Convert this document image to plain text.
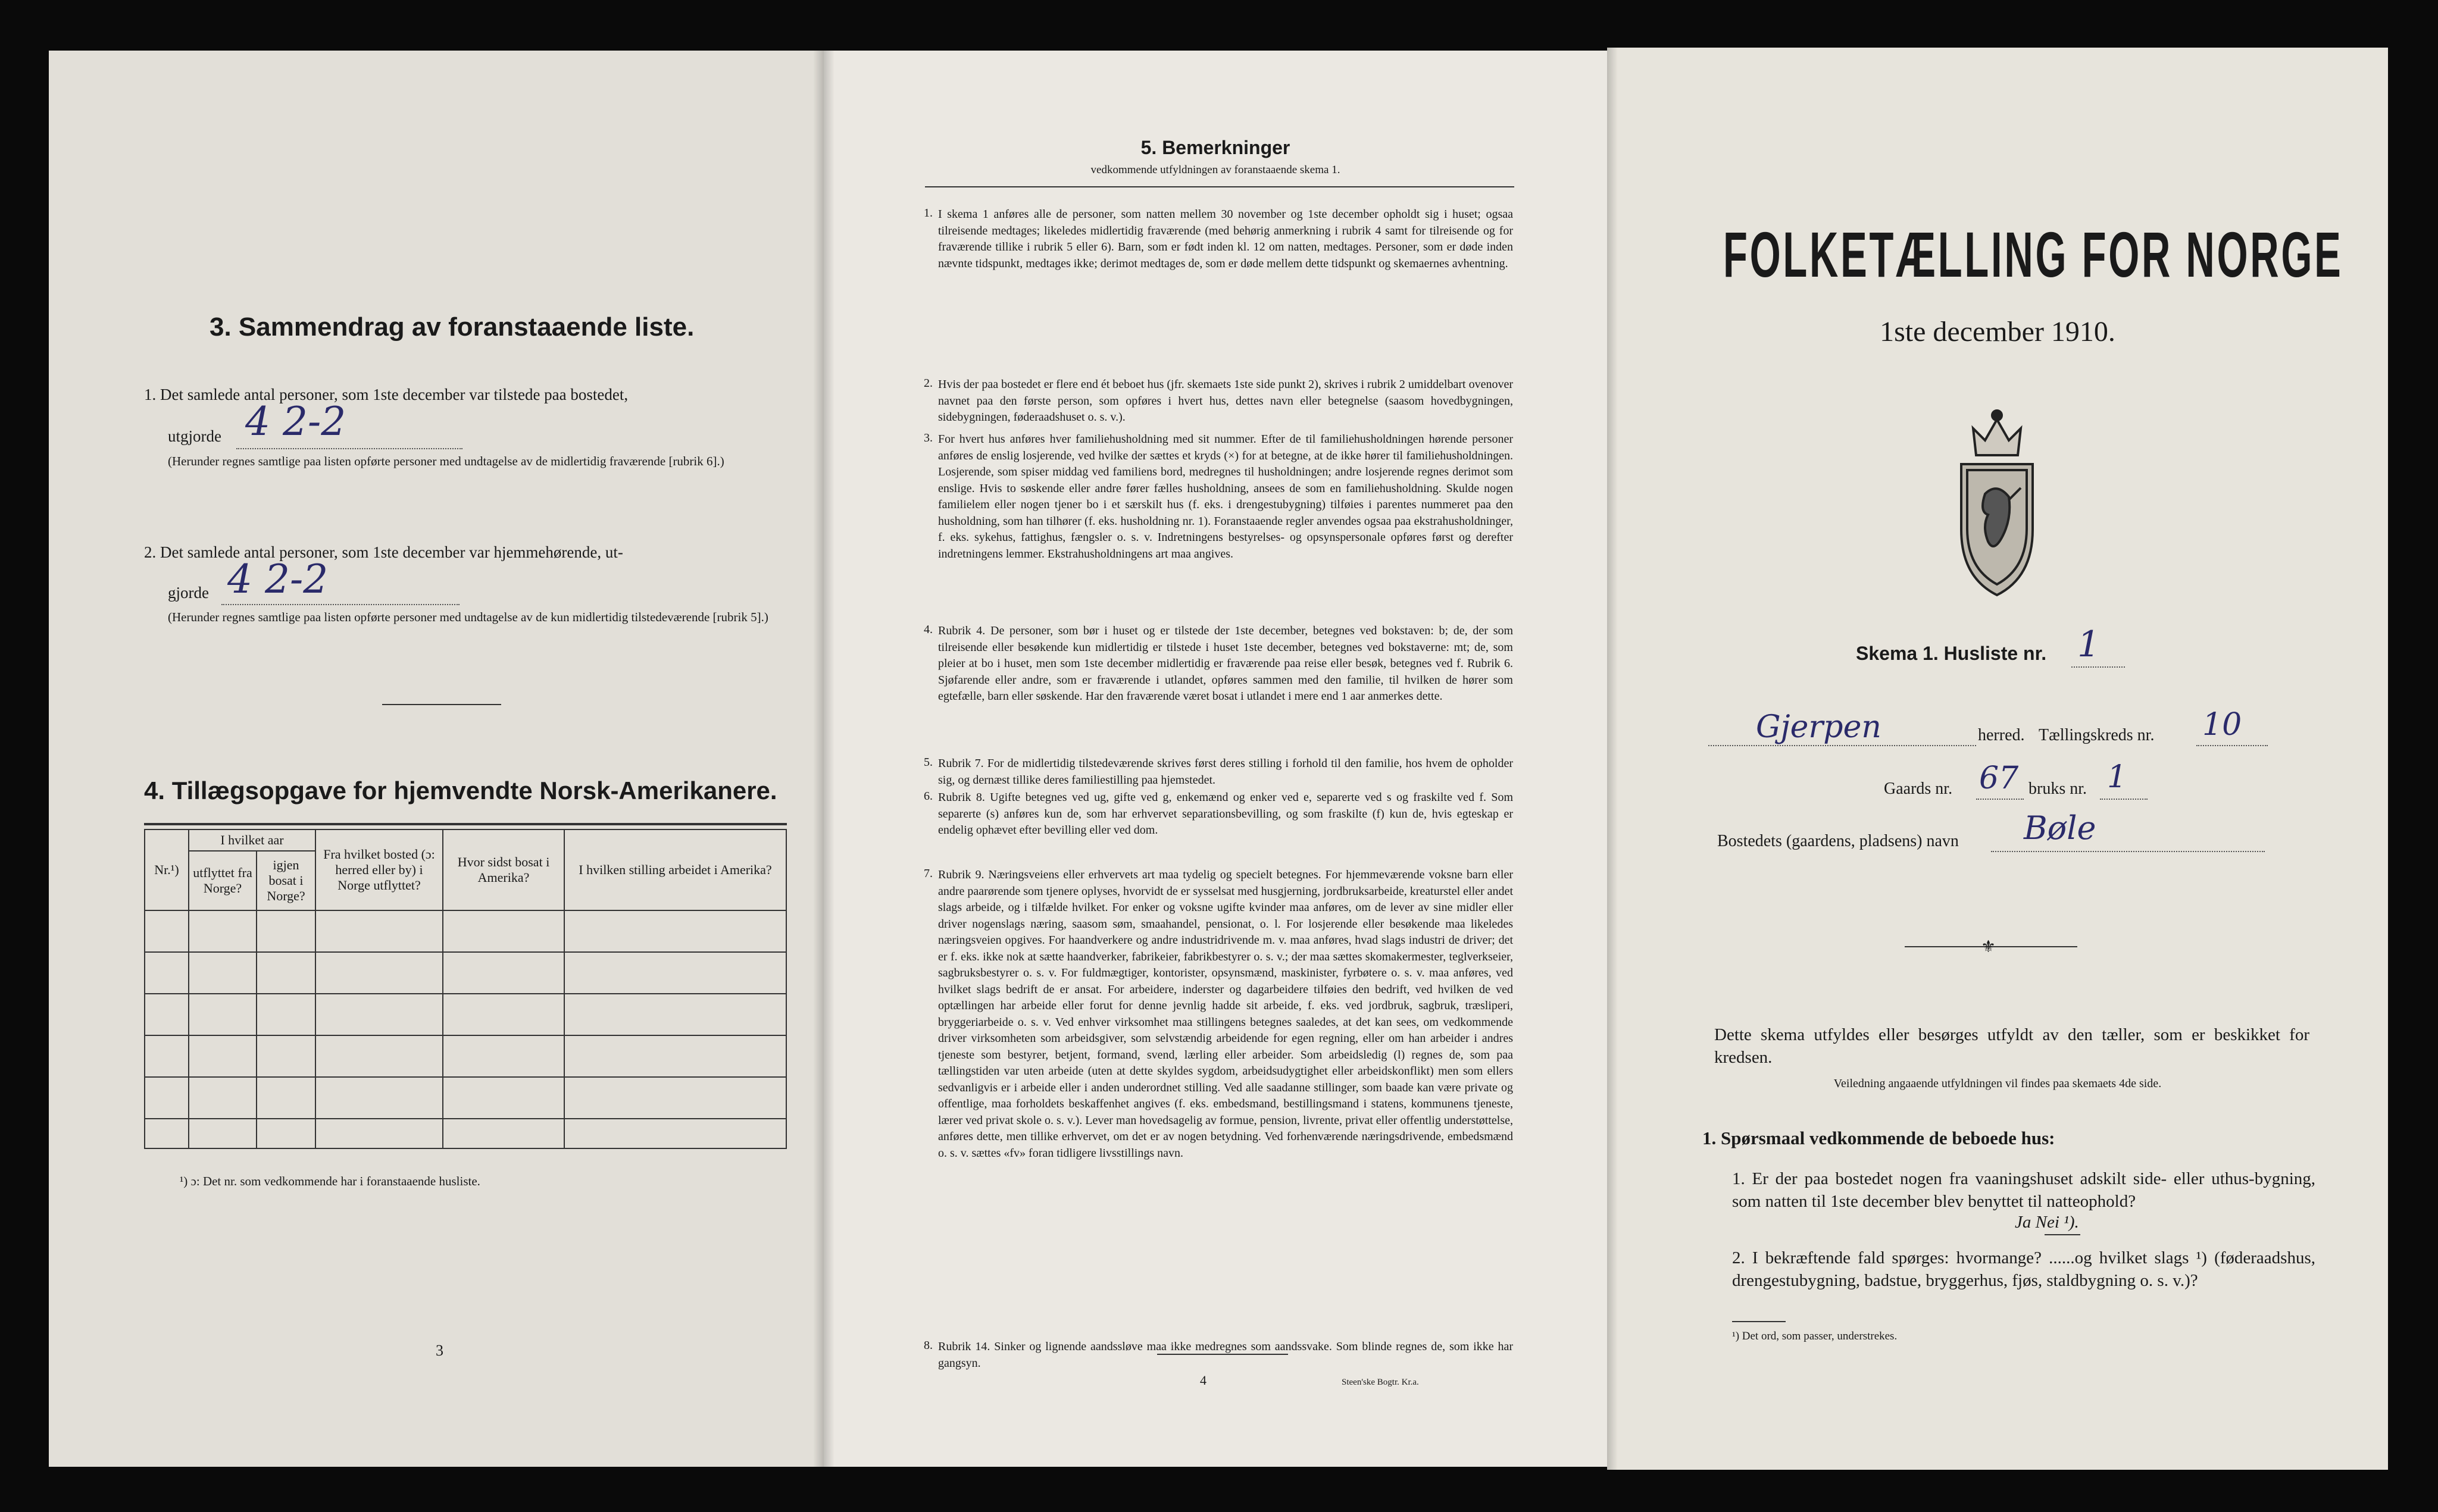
3. Sammendrag av foranstaaende liste.
1. Det samlede antal personer, som 1ste december var tilstede paa bostedet,
utgjorde 4 2-2
(Herunder regnes samtlige paa listen opførte personer med undtagelse av de midlertidig fraværende [rubrik 6].)
2. Det samlede antal personer, som 1ste december var hjemmehørende, ut-
gjorde 4 2-2
(Herunder regnes samtlige paa listen opførte personer med undtagelse av de kun midlertidig tilstedeværende [rubrik 5].)
4. Tillægsopgave for hjemvendte Norsk-Amerikanere.
Nr.¹)	I hvilket aar		Fra hvilket bosted (ɔ: herred eller by) i Norge utflyttet?	Hvor sidst bosat i Amerika?	I hvilken stilling arbeidet i Amerika?
	utflyttet fra Norge?	igjen bosat i Norge?			

¹) ɔ: Det nr. som vedkommende har i foranstaaende husliste.
3
5. Bemerkninger
vedkommende utfyldningen av foranstaaende skema 1.
4	Steen'ske Bogtr. Kr.a.
1. I skema 1 anføres alle de personer, som natten mellem 30 november og 1ste december opholdt sig i huset; ogsaa tilreisende medtages; likeledes midlertidig fraværende (med behørig anmerkning i rubrik 4 samt for tilreisende og for fraværende tillike i rubrik 5 eller 6). Barn, som er født inden kl. 12 om natten, medtages. Personer, som er døde inden nævnte tidspunkt, medtages ikke; derimot medtages de, som er døde mellem dette tidspunkt og skemaernes avhentning.
2. Hvis der paa bostedet er flere end ét beboet hus (jfr. skemaets 1ste side punkt 2), skrives i rubrik 2 umiddelbart ovenover navnet paa den første person, som opføres i hvert hus, dettes navn eller betegnelse (saasom hovedbygningen, sidebygningen, føderaadshuset o. s. v.).
3. For hvert hus anføres hver familiehusholdning med sit nummer. Efter de til familiehusholdningen hørende personer anføres de enslig losjerende, ved hvilke der sættes et kryds (×) for at betegne, at de ikke hører til familiehusholdningen. Losjerende, som spiser middag ved familiens bord, medregnes til husholdningen; andre losjerende regnes derimot som enslige. Hvis to søskende eller andre fører fælles husholdning, ansees de som en familiehusholdning. Skulde nogen familielem eller nogen tjener bo i et særskilt hus (f. eks. i drengestubygning) tilføies i parentes nummeret paa den husholdning, som han tilhører (f. eks. husholdning nr. 1). Foranstaaende regler anvendes ogsaa paa ekstrahusholdninger, f. eks. sykehus, fattighus, fængsler o. s. v. Indretningens bestyrelses- og opsynspersonale opføres først og derefter indretningens lemmer. Ekstrahusholdningens art maa angives.
4. Rubrik 4. De personer, som bør i huset og er tilstede der 1ste december, betegnes ved bokstaven: b; de, der som tilreisende eller besøkende kun midlertidig er tilstede i huset 1ste december, betegnes ved bokstaverne: mt; de, som pleier at bo i huset, men som 1ste december midlertidig er fraværende paa reise eller besøk, betegnes ved f. Rubrik 6. Sjøfarende eller andre, som er fraværende i utlandet, opføres sammen med den familie, til hvilken de hører som egtefælle, barn eller søskende. Har den fraværende været bosat i utlandet i mere end 1 aar anmerkes dette.
5. Rubrik 7. For de midlertidig tilstedeværende skrives først deres stilling i forhold til den familie, hos hvem de opholder sig, og dernæst tillike deres familiestilling paa hjemstedet.
6. Rubrik 8. Ugifte betegnes ved ug, gifte ved g, enkemænd og enker ved e, separerte ved s og fraskilte ved f. Som separerte (s) anføres kun de, som har erhvervet separationsbevilling, og som fraskilte (f) kun de, hvis egteskap er endelig ophævet efter bevilling eller ved dom.
7. Rubrik 9. Næringsveiens eller erhvervets art maa tydelig og specielt betegnes. For hjemmeværende voksne barn eller andre paarørende som tjenere oplyses, hvorvidt de er sysselsat med husgjerning, jordbruksarbeide, kreaturstel eller andet slags arbeide, og i tilfælde hvilket. For enker og voksne ugifte kvinder maa anføres, om de lever av sine midler eller driver nogenslags næring, saasom søm, smaahandel, pensionat, o. l. For losjerende eller besøkende maa likeledes næringsveien opgives. For haandverkere og andre industridrivende m. v. maa anføres, hvad slags industri de driver; det er f. eks. ikke nok at sætte haandverker, fabrikeier, fabrikbestyrer o. s. v.; der maa sættes skomakermester, teglverkseier, sagbruksbestyrer o. s. v. For fuldmægtiger, kontorister, opsynsmænd, maskinister, fyrbøtere o. s. v. maa anføres, ved hvilket slags bedrift de er ansat. For arbeidere, inderster og dagarbeidere tilføies den bedrift, ved hvilken de ved optællingen har arbeide eller forut for denne jevnlig hadde sit arbeide, f. eks. ved jordbruk, sagbruk, træsliperi, bryggeriarbeide o. s. v. Ved enhver virksomhet maa stillingens betegnes saaledes, at det kan sees, om vedkommende driver virksomheten som arbeidsgiver, som selvstændig arbeidende for egen regning, eller om han arbeider i andres tjeneste som bestyrer, betjent, formand, svend, lærling eller arbeider. Som arbeidsledig (l) regnes de, som paa tællingstiden var uten arbeide (uten at dette skyldes sygdom, arbeidsudygtighet eller arbeidskonflikt) men som ellers sedvanligvis er i arbeide eller i anden underordnet stilling. Ved alle saadanne stillinger, som baade kan være private og offentlige, maa forholdets beskaffenhet angives (f. eks. embedsmand, bestillingsmand i statens, kommunens tjeneste, lærer ved privat skole o. s. v.). Lever man hovedsagelig av formue, pension, livrente, privat eller offentlig understøttelse, anføres dette, men tillike erhvervet, om det er av nogen betydning. Ved forhenværende næringsdrivende, embedsmænd o. s. v. sættes «fv» foran tidligere livsstillings navn.
8. Rubrik 14. Sinker og lignende aandssløve maa ikke medregnes som aandssvake. Som blinde regnes de, som ikke har gangsyn.
FOLKETÆLLING FOR NORGE
1ste december 1910.
Skema 1. Husliste nr. 1
Gjerpen	herred. Tællingskreds nr. 10
Gaards nr. 67 bruks nr. 1
Bostedets (gaardens, pladsens) navn Bøle
⚜
Dette skema utfyldes eller besørges utfyldt av den tæller, som er beskikket for kredsen.
Veiledning angaaende utfyldningen vil findes paa skemaets 4de side.
1. Spørsmaal vedkommende de beboede hus:
1. Er der paa bostedet nogen fra vaaningshuset adskilt side- eller uthus-bygning, som natten til 1ste december blev benyttet til natteophold?
Ja Nei ¹).
2. I bekræftende fald spørges: hvormange? ......og hvilket slags ¹) (føderaadshus, drengestubygning, badstue, bryggerhus, fjøs, staldbygning o. s. v.)?
¹) Det ord, som passer, understrekes.
